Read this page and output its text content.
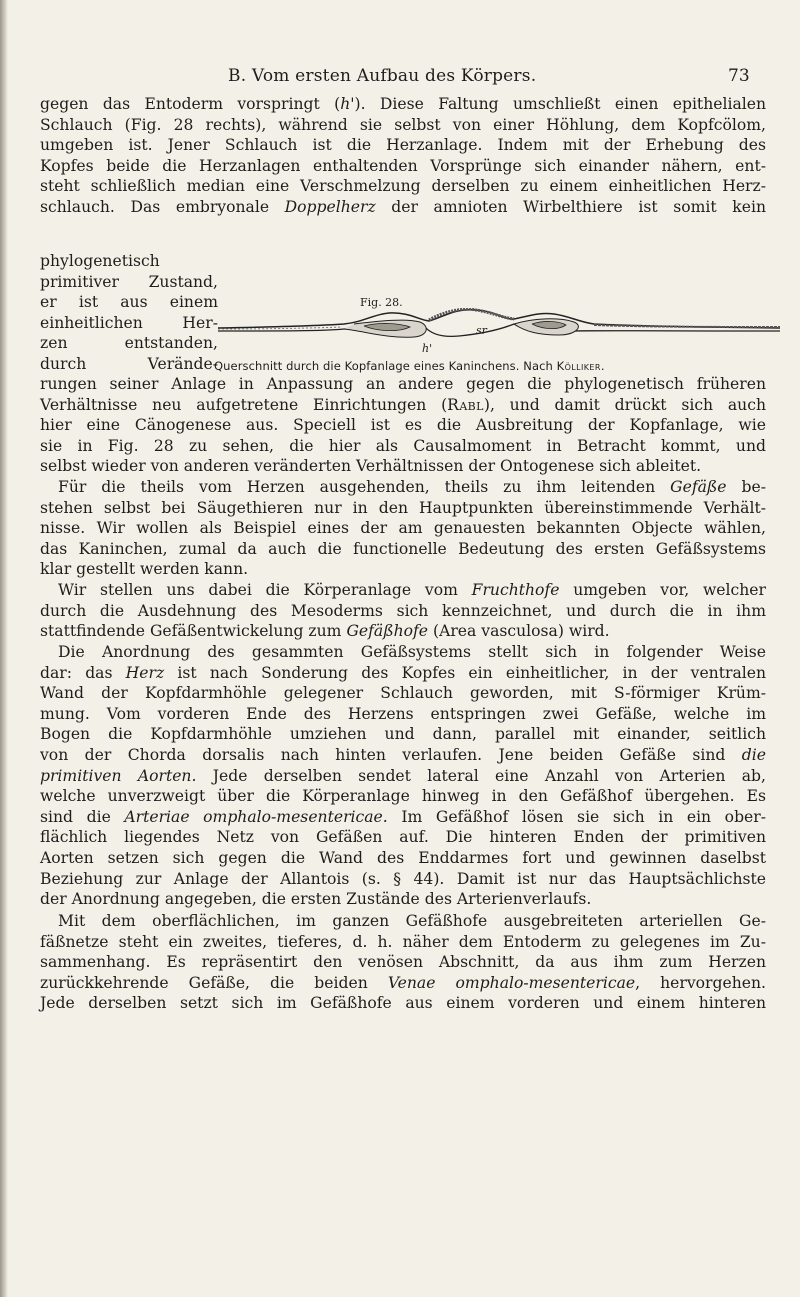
B. Vom ersten Aufbau des Körpers.	73
gegen das Entoderm vorspringt (h'). Diese Faltung umschließt einen epithelialen
Schlauch (Fig. 28 rechts), während sie selbst von einer Höhlung, dem Kopfcölom,
umgeben ist. Jener Schlauch ist die Herzanlage. Indem mit der Erhebung des
Kopfes beide die Herzanlagen enthaltenden Vorsprünge sich einander nähern, ent-
steht schließlich median eine Verschmelzung derselben zu einem einheitlichen Herz-
schlauch. Das embryonale Doppelherz der amnioten Wirbelthiere ist somit kein
phylogenetisch
primitiver Zustand,
er ist aus einem
einheitlichen Her-
zen entstanden,
durch Verände-
Fig. 28.
h'
sr
Querschnitt durch die Kopfanlage eines Kaninchens. Nach Kölliker.
rungen seiner Anlage in Anpassung an andere gegen die phylogenetisch früheren
Verhältnisse neu aufgetretene Einrichtungen (Rabl), und damit drückt sich auch
hier eine Cänogenese aus. Speciell ist es die Ausbreitung der Kopfanlage, wie
sie in Fig. 28 zu sehen, die hier als Causalmoment in Betracht kommt, und
selbst wieder von anderen veränderten Verhältnissen der Ontogenese sich ableitet.
Für die theils vom Herzen ausgehenden, theils zu ihm leitenden Gefäße be-
stehen selbst bei Säugethieren nur in den Hauptpunkten übereinstimmende Verhält-
nisse. Wir wollen als Beispiel eines der am genauesten bekannten Objecte wählen,
das Kaninchen, zumal da auch die functionelle Bedeutung des ersten Gefäßsystems
klar gestellt werden kann.
Wir stellen uns dabei die Körperanlage vom Fruchthofe umgeben vor, welcher
durch die Ausdehnung des Mesoderms sich kennzeichnet, und durch die in ihm
stattfindende Gefäßentwickelung zum Gefäßhofe (Area vasculosa) wird.
Die Anordnung des gesammten Gefäßsystems stellt sich in folgender Weise
dar: das Herz ist nach Sonderung des Kopfes ein einheitlicher, in der ventralen
Wand der Kopfdarmhöhle gelegener Schlauch geworden, mit S-förmiger Krüm-
mung. Vom vorderen Ende des Herzens entspringen zwei Gefäße, welche im
Bogen die Kopfdarmhöhle umziehen und dann, parallel mit einander, seitlich
von der Chorda dorsalis nach hinten verlaufen. Jene beiden Gefäße sind die
primitiven Aorten. Jede derselben sendet lateral eine Anzahl von Arterien ab,
welche unverzweigt über die Körperanlage hinweg in den Gefäßhof übergehen. Es
sind die Arteriae omphalo-mesentericae. Im Gefäßhof lösen sie sich in ein ober-
flächlich liegendes Netz von Gefäßen auf. Die hinteren Enden der primitiven
Aorten setzen sich gegen die Wand des Enddarmes fort und gewinnen daselbst
Beziehung zur Anlage der Allantois (s. § 44). Damit ist nur das Hauptsächlichste
der Anordnung angegeben, die ersten Zustände des Arterienverlaufs.
Mit dem oberflächlichen, im ganzen Gefäßhofe ausgebreiteten arteriellen Ge-
fäßnetze steht ein zweites, tieferes, d. h. näher dem Entoderm zu gelegenes im Zu-
sammenhang. Es repräsentirt den venösen Abschnitt, da aus ihm zum Herzen
zurückkehrende Gefäße, die beiden Venae omphalo-mesentericae, hervorgehen.
Jede derselben setzt sich im Gefäßhofe aus einem vorderen und einem hinteren
